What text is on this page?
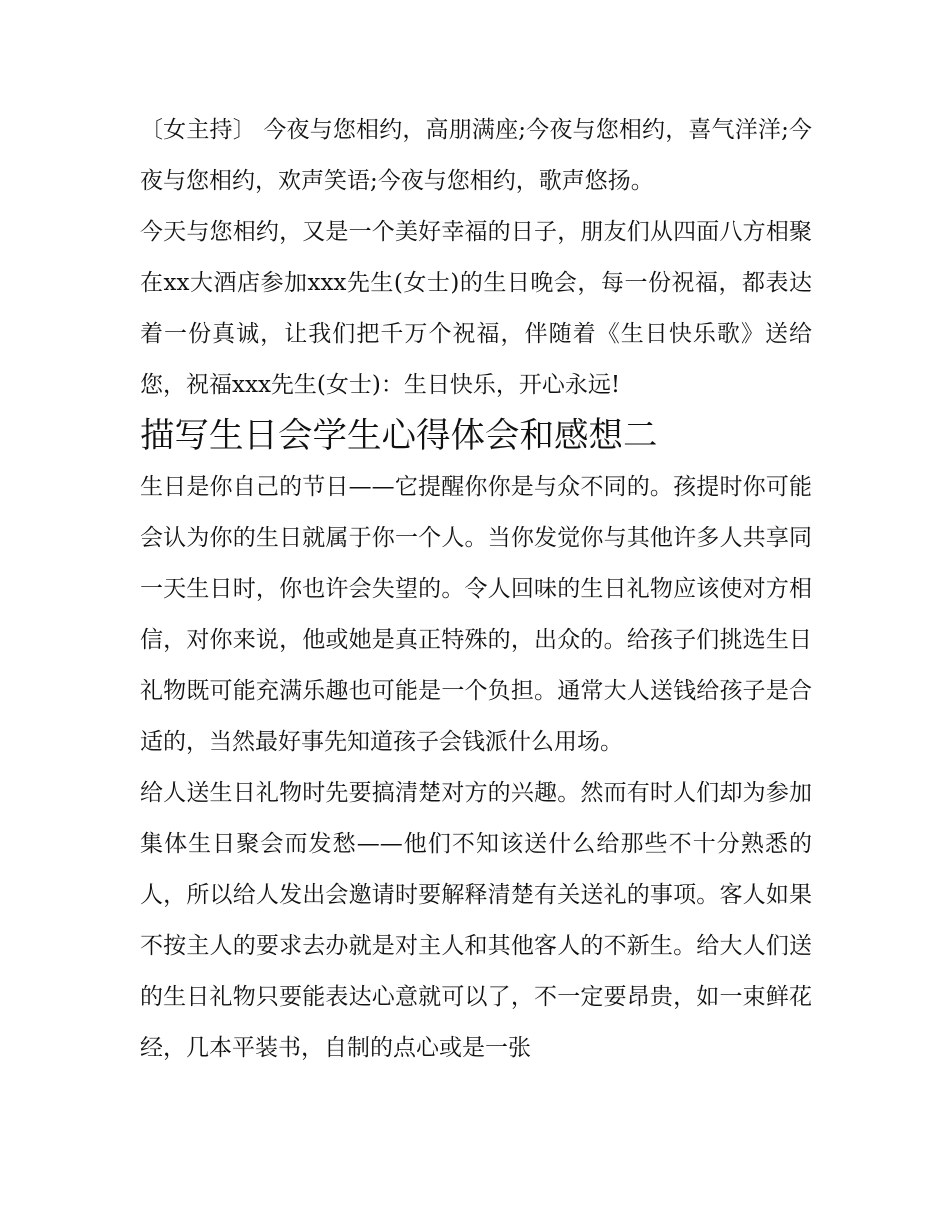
〔女主持〕 今夜与您相约，高朋满座;今夜与您相约，喜气洋洋;今夜与您相约，欢声笑语;今夜与您相约，歌声悠扬。

今天与您相约，又是一个美好幸福的日子，朋友们从四面八方相聚在xx大酒店参加xxx先生(女士)的生日晚会，每一份祝福，都表达着一份真诚，让我们把千万个祝福，伴随着《生日快乐歌》送给您，祝福xxx先生(女士)：生日快乐，开心永远!

描写生日会学生心得体会和感想二

生日是你自己的节日——它提醒你你是与众不同的。孩提时你可能会认为你的生日就属于你一个人。当你发觉你与其他许多人共享同一天生日时，你也许会失望的。令人回味的生日礼物应该使对方相信，对你来说，他或她是真正特殊的，出众的。给孩子们挑选生日礼物既可能充满乐趣也可能是一个负担。通常大人送钱给孩子是合适的，当然最好事先知道孩子会钱派什么用场。

给人送生日礼物时先要搞清楚对方的兴趣。然而有时人们却为参加集体生日聚会而发愁——他们不知该送什么给那些不十分熟悉的人，所以给人发出会邀请时要解释清楚有关送礼的事项。客人如果不按主人的要求去办就是对主人和其他客人的不新生。给大人们送的生日礼物只要能表达心意就可以了，不一定要昂贵，如一束鲜花经，几本平装书，自制的点心或是一张
